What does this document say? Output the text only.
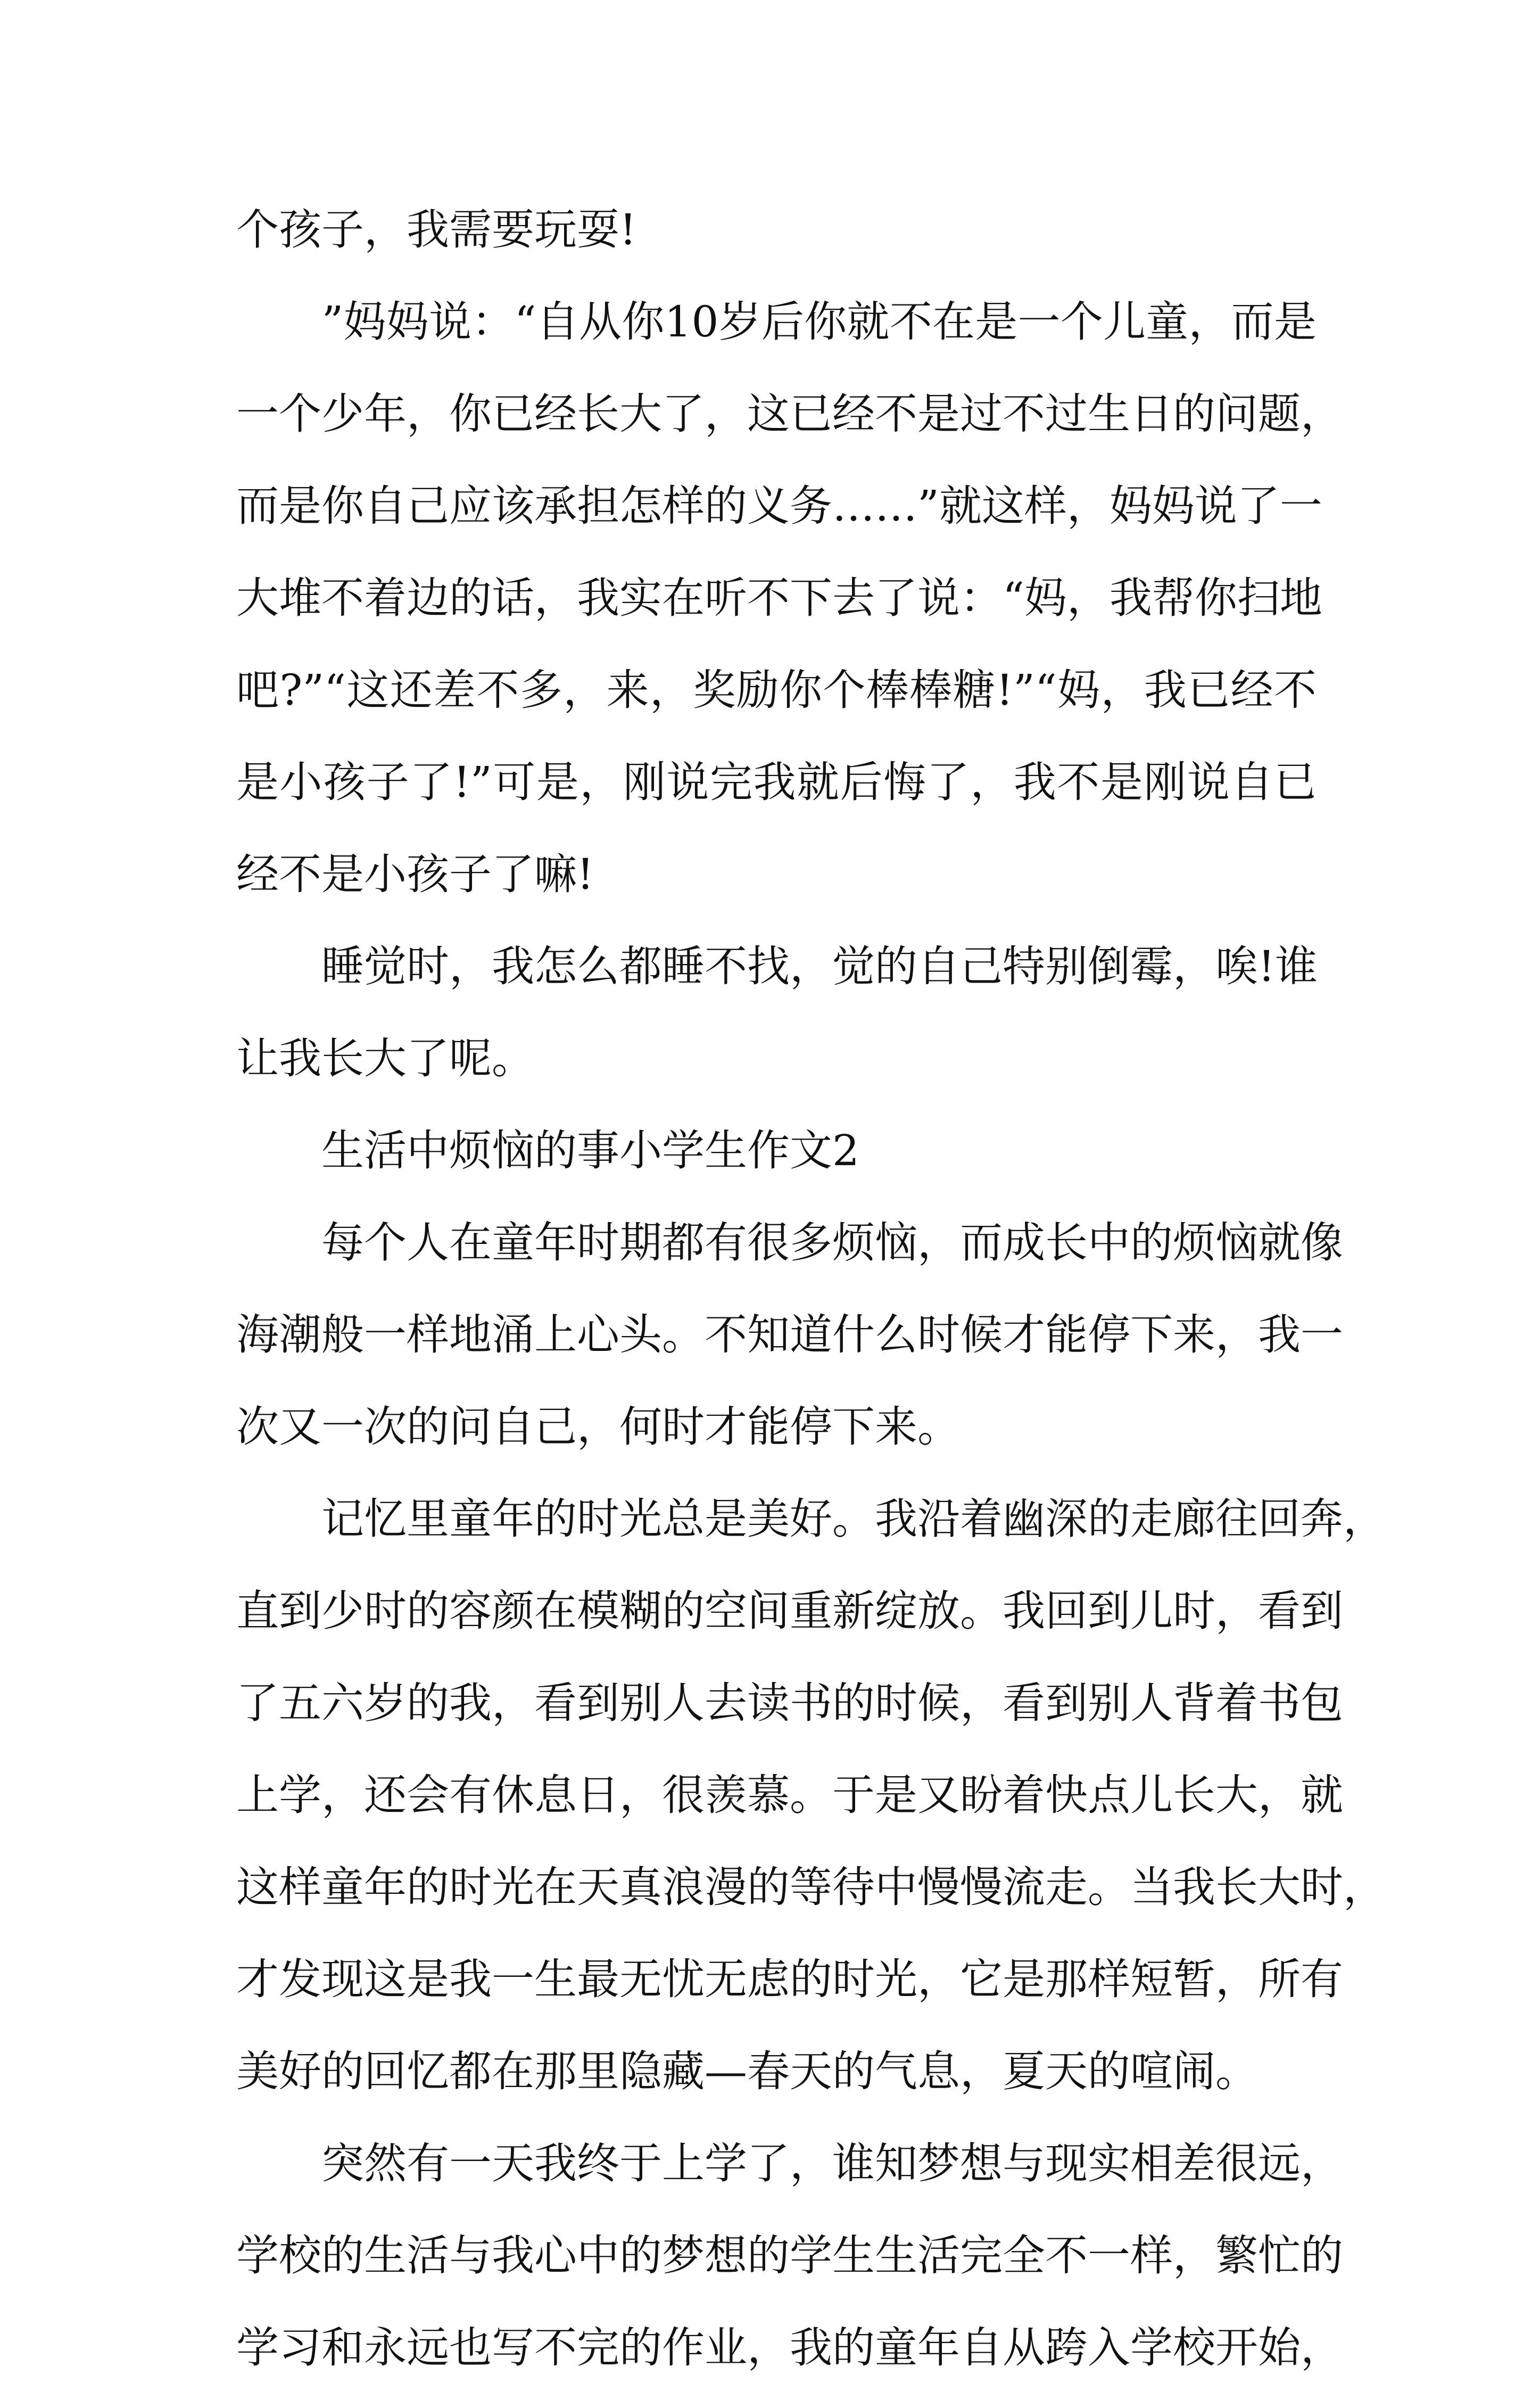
个孩子，我需要玩耍!
　　”妈妈说：“自从你10岁后你就不在是一个儿童，而是
一个少年，你已经长大了，这已经不是过不过生日的问题，
而是你自己应该承担怎样的义务……”就这样，妈妈说了一
大堆不着边的话，我实在听不下去了说：“妈，我帮你扫地
吧?”“这还差不多，来，奖励你个棒棒糖!”“妈，我已经不
是小孩子了!”可是，刚说完我就后悔了，我不是刚说自已
经不是小孩子了嘛!
　　睡觉时，我怎么都睡不找，觉的自己特别倒霉，唉!谁
让我长大了呢。
　　生活中烦恼的事小学生作文2
　　每个人在童年时期都有很多烦恼，而成长中的烦恼就像
海潮般一样地涌上心头。不知道什么时候才能停下来，我一
次又一次的问自己，何时才能停下来。
　　记忆里童年的时光总是美好。我沿着幽深的走廊往回奔，
直到少时的容颜在模糊的空间重新绽放。我回到儿时，看到
了五六岁的我，看到别人去读书的时候，看到别人背着书包
上学，还会有休息日，很羡慕。于是又盼着快点儿长大，就
这样童年的时光在天真浪漫的等待中慢慢流走。当我长大时，
才发现这是我一生最无忧无虑的时光，它是那样短暂，所有
美好的回忆都在那里隐藏—春天的气息，夏天的喧闹。
　　突然有一天我终于上学了，谁知梦想与现实相差很远，
学校的生活与我心中的梦想的学生生活完全不一样，繁忙的
学习和永远也写不完的作业，我的童年自从跨入学校开始，
